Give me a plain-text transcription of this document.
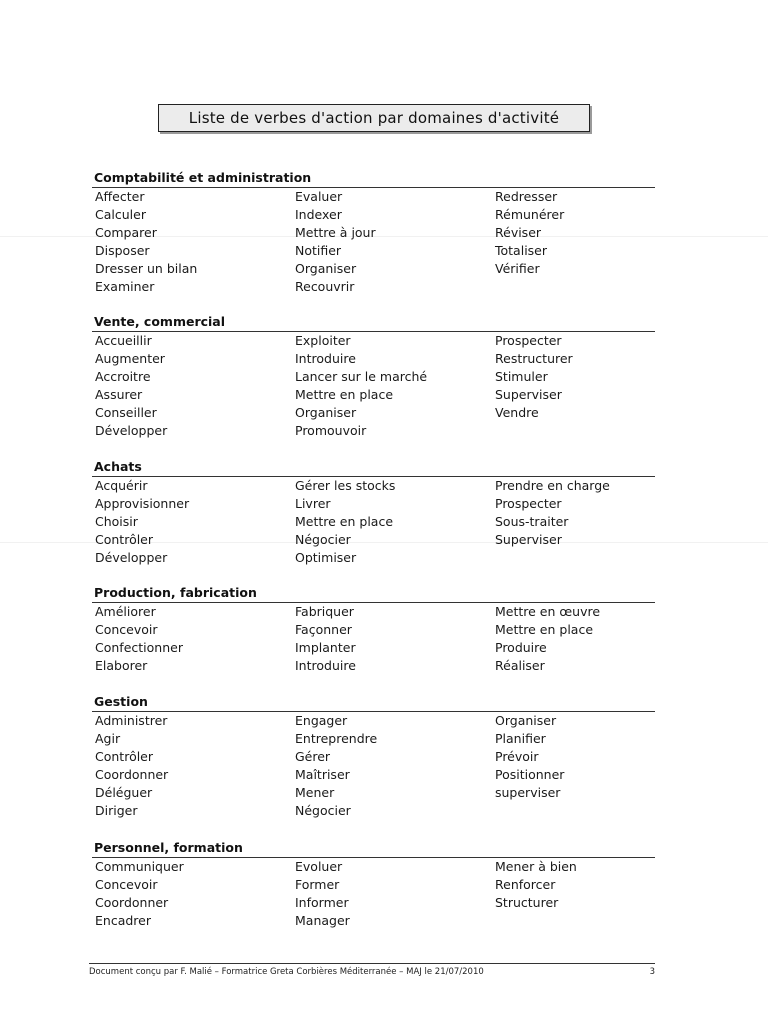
Liste de verbes d'action par domaines d'activité
Comptabilité et administration
Affecter
Calculer
Comparer
Disposer
Dresser un bilan
Examiner
Evaluer
Indexer
Mettre à jour
Notifier
Organiser
Recouvrir
Redresser
Rémunérer
Réviser
Totaliser
Vérifier
Vente, commercial
Accueillir
Augmenter
Accroitre
Assurer
Conseiller
Développer
Exploiter
Introduire
Lancer sur le marché
Mettre en place
Organiser
Promouvoir
Prospecter
Restructurer
Stimuler
Superviser
Vendre
Achats
Acquérir
Approvisionner
Choisir
Contrôler
Développer
Gérer les stocks
Livrer
Mettre en place
Négocier
Optimiser
Prendre en charge
Prospecter
Sous-traiter
Superviser
Production, fabrication
Améliorer
Concevoir
Confectionner
Elaborer
Fabriquer
Façonner
Implanter
Introduire
Mettre en œuvre
Mettre en place
Produire
Réaliser
Gestion
Administrer
Agir
Contrôler
Coordonner
Déléguer
Diriger
Engager
Entreprendre
Gérer
Maîtriser
Mener
Négocier
Organiser
Planifier
Prévoir
Positionner
superviser
Personnel, formation
Communiquer
Concevoir
Coordonner
Encadrer
Evoluer
Former
Informer
Manager
Mener à bien
Renforcer
Structurer
Document conçu par F. Malié – Formatrice Greta Corbières Méditerranée – MAJ le 21/07/2010	3
